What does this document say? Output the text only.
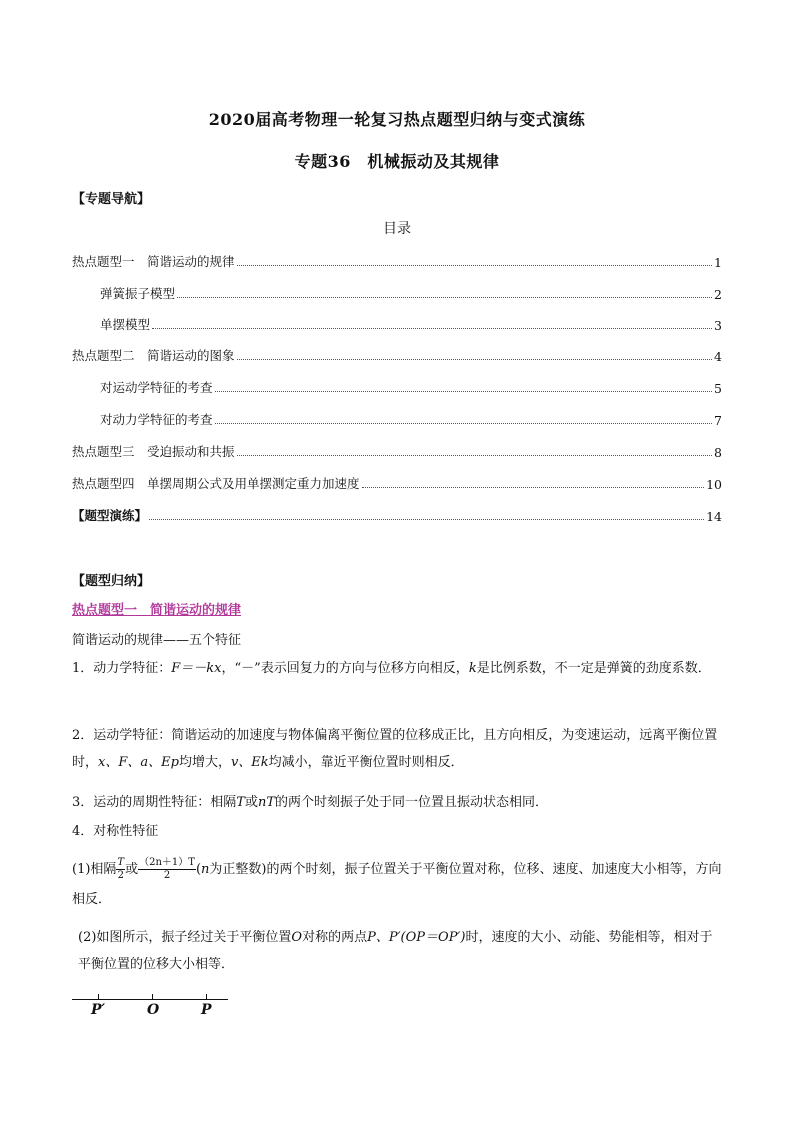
2020届高考物理一轮复习热点题型归纳与变式演练
专题36　机械振动及其规律
【专题导航】
目录
热点题型一　简谐运动的规律	1
弹簧振子模型	2
单摆模型	3
热点题型二　简谐运动的图象	4
对运动学特征的考查	5
对动力学特征的考查	7
热点题型三　受迫振动和共振	8
热点题型四　单摆周期公式及用单摆测定重力加速度	10
【题型演练】	14
【题型归纳】
热点题型一　简谐运动的规律
简谐运动的规律——五个特征
1．动力学特征：F＝－kx，“－”表示回复力的方向与位移方向相反，k是比例系数，不一定是弹簧的劲度系数．
2．运动学特征：简谐运动的加速度与物体偏离平衡位置的位移成正比，且方向相反，为变速运动，远离平衡位置时，x、F、a、Ep均增大，v、Ek均减小，靠近平衡位置时则相反．
3．运动的周期性特征：相隔T或nT的两个时刻振子处于同一位置且振动状态相同．
4．对称性特征
(1)相隔 $\frac{T}{2}$ 或 $\frac{(2n+1)T}{2} (n$为正整数)的两个时刻，振子位置关于平衡位置对称，位移、速度、加速度大小相等，方向相反．
(2)如图所示，振子经过关于平衡位置O对称的两点P、P′(OP＝OP′)时，速度的大小、动能、势能相等，相对于平衡位置的位移大小相等．
P′	O	P
